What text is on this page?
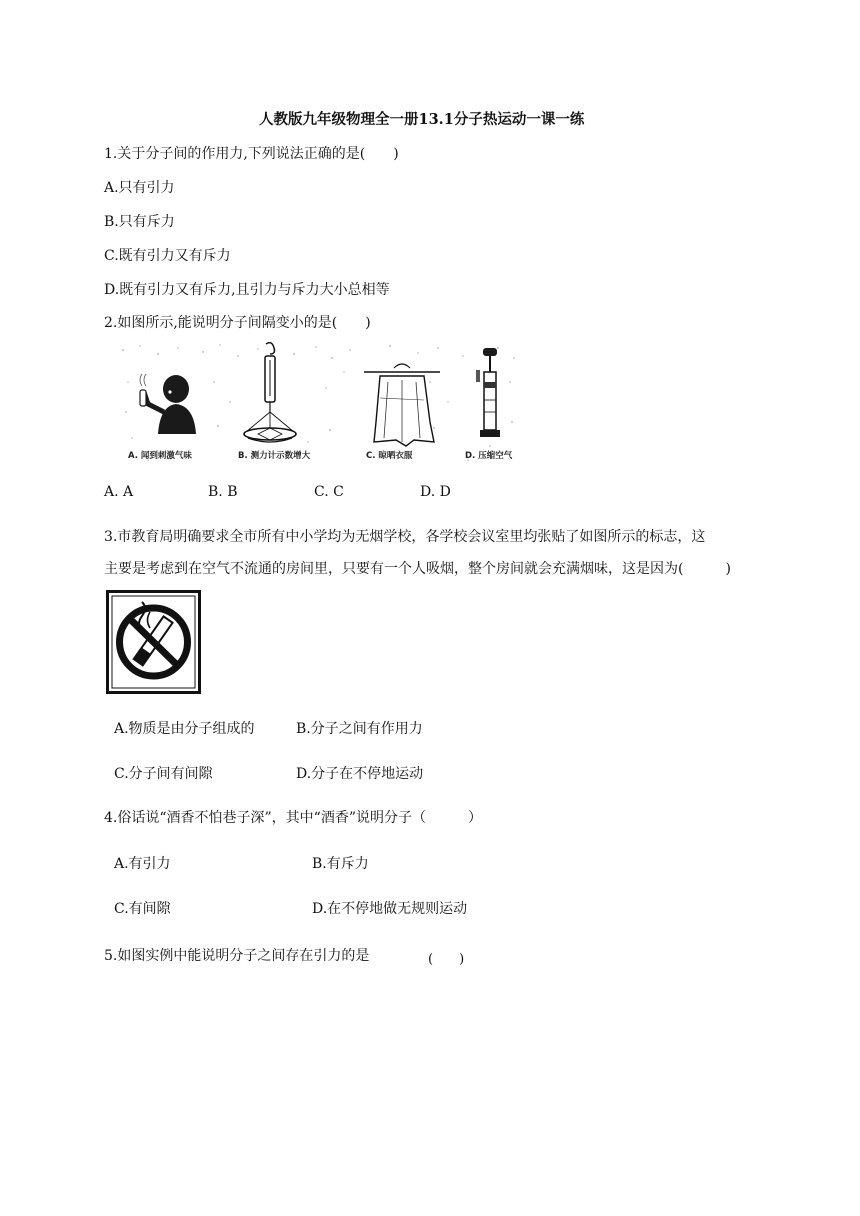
人教版九年级物理全一册13.1分子热运动一课一练
1.关于分子间的作用力,下列说法正确的是(　　)
A.只有引力
B.只有斥力
C.既有引力又有斥力
D.既有引力又有斥力,且引力与斥力大小总相等
2.如图所示,能说明分子间隔变小的是(　　)
A. 闻到刺激气味	B. 测力计示数增大	C. 晾晒衣服	D. 压缩空气
A. A	B. B	C. C	D. D
3.市教育局明确要求全市所有中小学均为无烟学校，各学校会议室里均张贴了如图所示的标志，这
主要是考虑到在空气不流通的房间里，只要有一个人吸烟，整个房间就会充满烟味，这是因为(　　　)
A.物质是由分子组成的	B.分子之间有作用力
C.分子间有间隙	D.分子在不停地运动
4.俗话说“酒香不怕巷子深”，其中“酒香”说明分子（　　　）
A.有引力	B.有斥力
C.有间隙	D.在不停地做无规则运动
5.如图实例中能说明分子之间存在引力的是	(　　)
